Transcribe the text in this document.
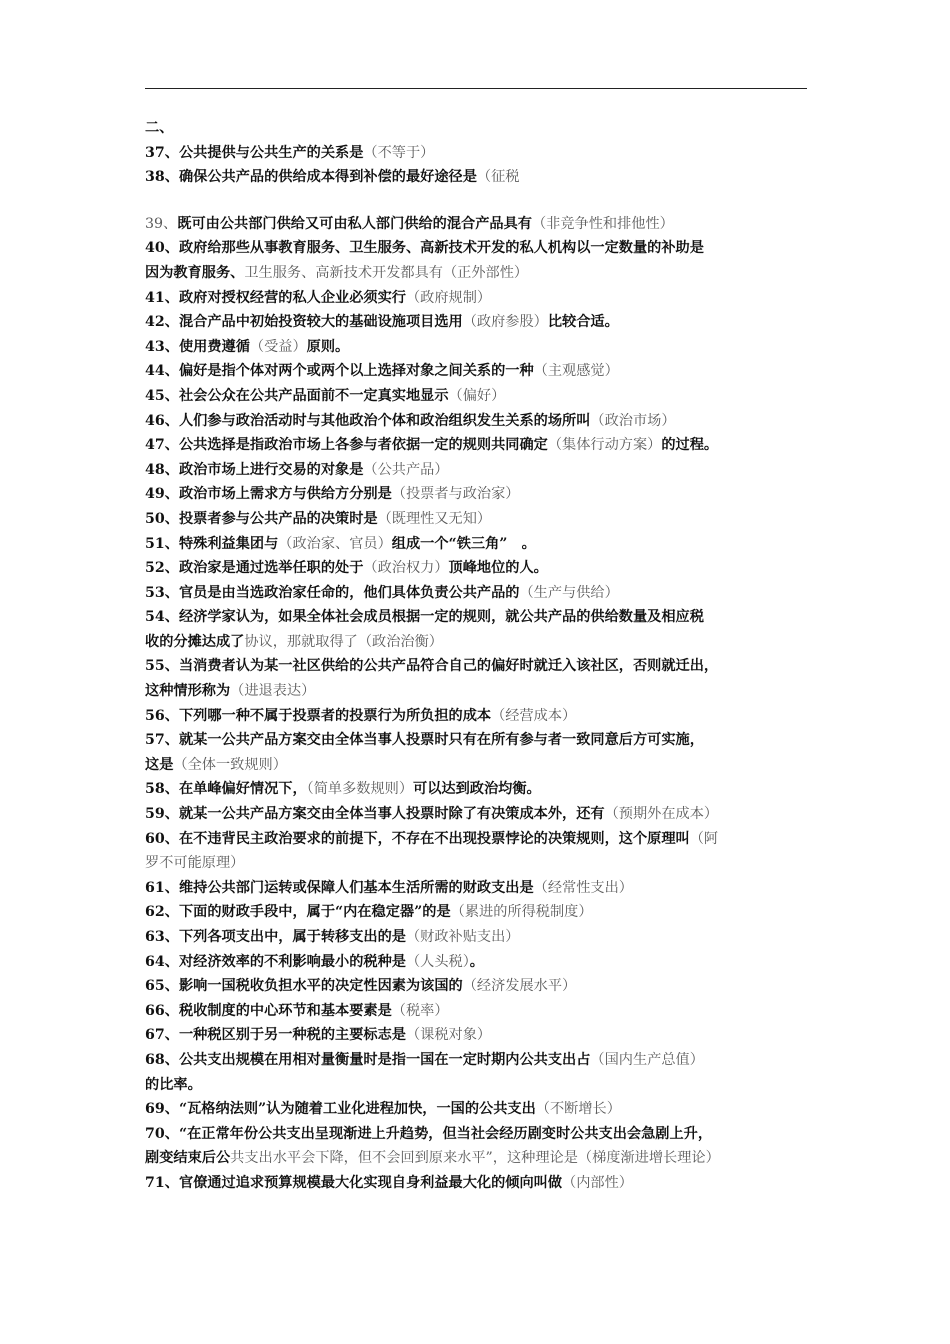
二、
37、公共提供与公共生产的关系是（不等于）
38、确保公共产品的供给成本得到补偿的最好途径是（征税
39、既可由公共部门供给又可由私人部门供给的混合产品具有（非竞争性和排他性）
40、政府给那些从事教育服务、卫生服务、高新技术开发的私人机构以一定数量的补助是
因为教育服务、卫生服务、高新技术开发都具有（正外部性）
41、政府对授权经营的私人企业必须实行（政府规制）
42、混合产品中初始投资较大的基础设施项目选用（政府参股）比较合适。
43、使用费遵循（受益）原则。
44、偏好是指个体对两个或两个以上选择对象之间关系的一种（主观感觉）
45、社会公众在公共产品面前不一定真实地显示（偏好）
46、人们参与政治活动时与其他政治个体和政治组织发生关系的场所叫（政治市场）
47、公共选择是指政治市场上各参与者依据一定的规则共同确定（集体行动方案）的过程。
48、政治市场上进行交易的对象是（公共产品）
49、政治市场上需求方与供给方分别是（投票者与政治家）
50、投票者参与公共产品的决策时是（既理性又无知）
51、特殊利益集团与（政治家、官员）组成一个“铁三角”　。
52、政治家是通过选举任职的处于（政治权力）顶峰地位的人。
53、官员是由当选政治家任命的，他们具体负责公共产品的（生产与供给）
54、经济学家认为，如果全体社会成员根据一定的规则，就公共产品的供给数量及相应税
收的分摊达成了协议，那就取得了（政治治衡）
55、当消费者认为某一社区供给的公共产品符合自己的偏好时就迁入该社区，否则就迁出，
这种情形称为（进退表达）
56、下列哪一种不属于投票者的投票行为所负担的成本（经营成本）
57、就某一公共产品方案交由全体当事人投票时只有在所有参与者一致同意后方可实施，
这是（全体一致规则）
58、在单峰偏好情况下，（简单多数规则）可以达到政治均衡。
59、就某一公共产品方案交由全体当事人投票时除了有决策成本外，还有（预期外在成本）
60、在不违背民主政治要求的前提下，不存在不出现投票悖论的决策规则，这个原理叫（阿
罗不可能原理）
61、维持公共部门运转或保障人们基本生活所需的财政支出是（经常性支出）
62、下面的财政手段中，属于“内在稳定器”的是（累进的所得税制度）
63、下列各项支出中，属于转移支出的是（财政补贴支出）
64、对经济效率的不利影响最小的税种是（人头税）。
65、影响一国税收负担水平的决定性因素为该国的（经济发展水平）
66、税收制度的中心环节和基本要素是（税率）
67、一种税区别于另一种税的主要标志是（课税对象）
68、公共支出规模在用相对量衡量时是指一国在一定时期内公共支出占（国内生产总值）
的比率。
69、“瓦格纳法则”认为随着工业化进程加快，一国的公共支出（不断增长）
70、“在正常年份公共支出呈现渐进上升趋势，但当社会经历剧变时公共支出会急剧上升，
剧变结束后公共支出水平会下降，但不会回到原来水平”，这种理论是（梯度渐进增长理论）
71、官僚通过追求预算规模最大化实现自身利益最大化的倾向叫做（内部性）
